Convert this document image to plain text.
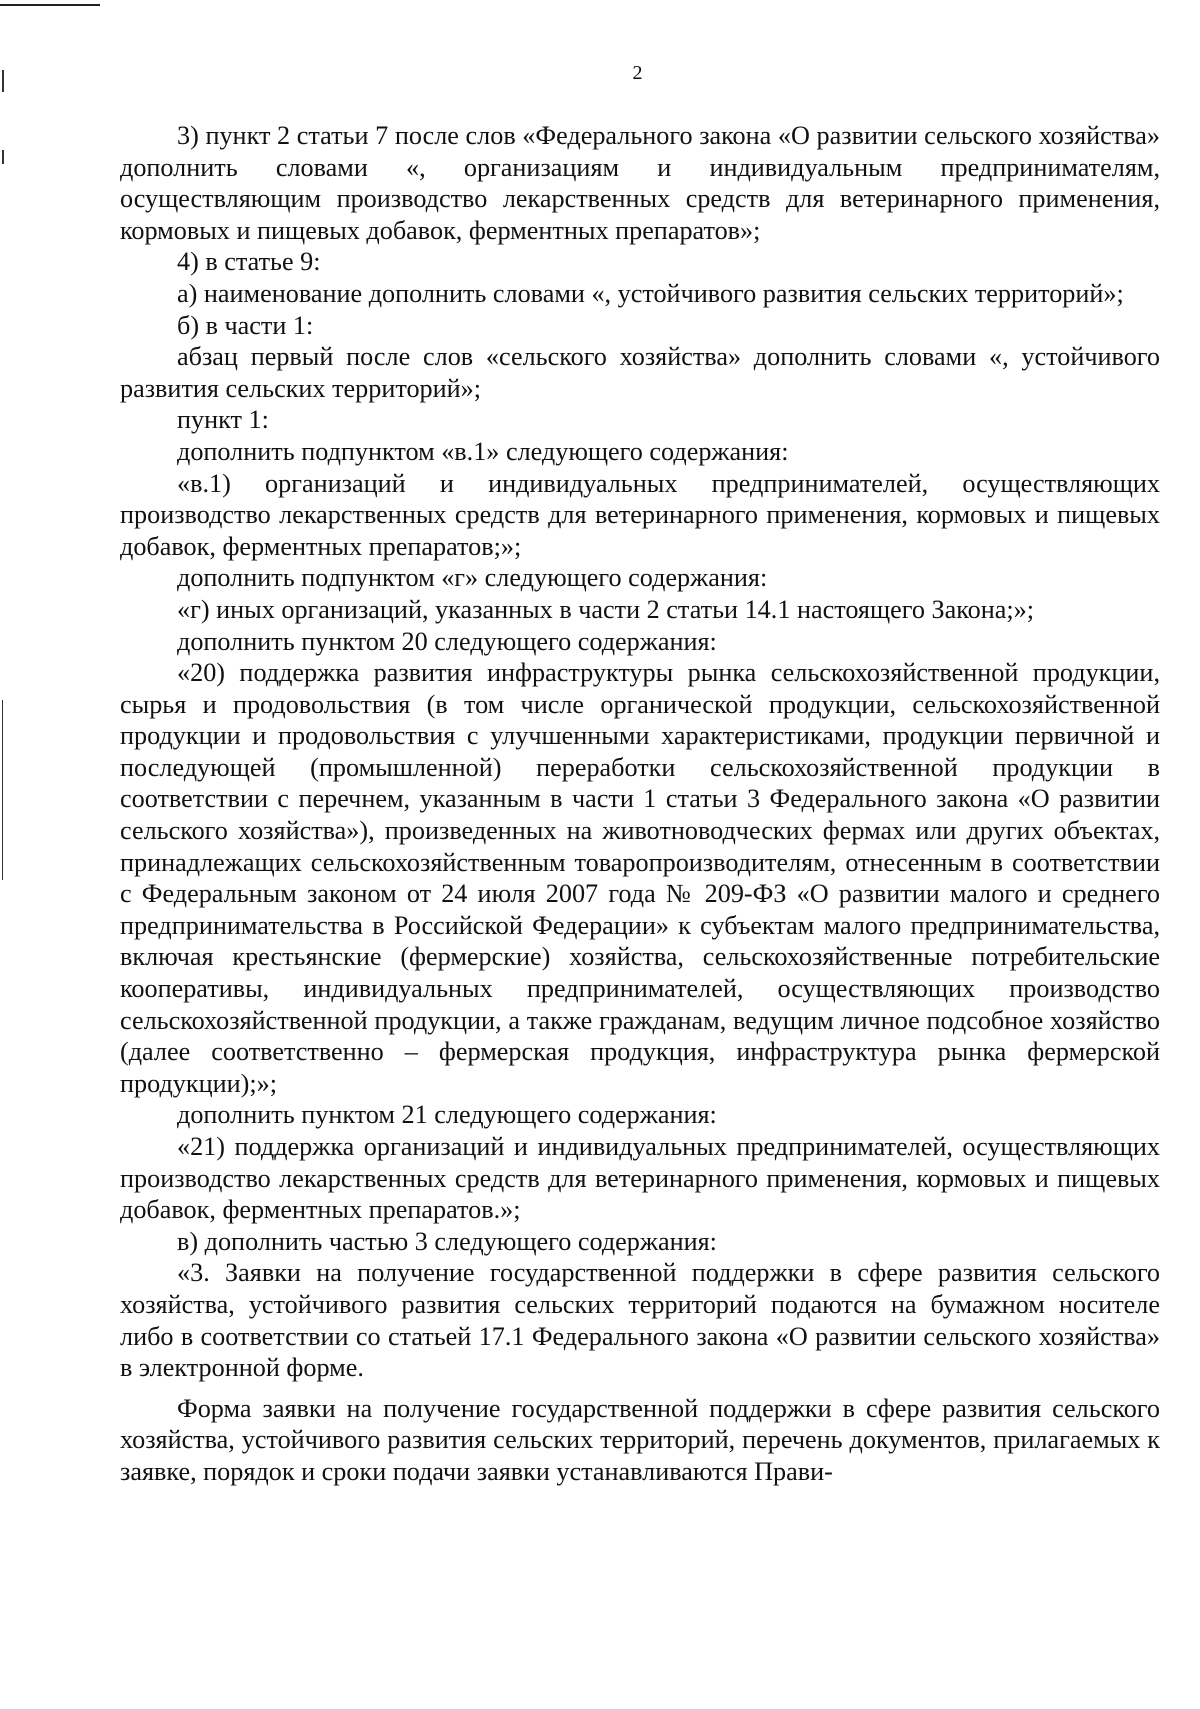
2

3) пункт 2 статьи 7 после слов «Федерального закона «О развитии сельского хозяйства» дополнить словами «, организациям и индивидуальным предпринимателям, осуществляющим производство лекарственных средств для ветеринарного применения, кормовых и пищевых добавок, ферментных препаратов»;

4) в статье 9:

а) наименование дополнить словами «, устойчивого развития сельских территорий»;

б) в части 1:

абзац первый после слов «сельского хозяйства» дополнить словами «, устойчивого развития сельских территорий»;

пункт 1:

дополнить подпунктом «в.1» следующего содержания:

«в.1) организаций и индивидуальных предпринимателей, осуществляющих производство лекарственных средств для ветеринарного применения, кормовых и пищевых добавок, ферментных препаратов;»;

дополнить подпунктом «г» следующего содержания:

«г) иных организаций, указанных в части 2 статьи 14.1 настоящего Закона;»;

дополнить пунктом 20 следующего содержания:

«20) поддержка развития инфраструктуры рынка сельскохозяйственной продукции, сырья и продовольствия (в том числе органической продукции, сельскохозяйственной продукции и продовольствия с улучшенными характеристиками, продукции первичной и последующей (промышленной) переработки сельскохозяйственной продукции в соответствии с перечнем, указанным в части 1 статьи 3 Федерального закона «О развитии сельского хозяйства»), произведенных на животноводческих фермах или других объектах, принадлежащих сельскохозяйственным товаропроизводителям, отнесенным в соответствии с Федеральным законом от 24 июля 2007 года № 209-ФЗ «О развитии малого и среднего предпринимательства в Российской Федерации» к субъектам малого предпринимательства, включая крестьянские (фермерские) хозяйства, сельскохозяйственные потребительские кооперативы, индивидуальных предпринимателей, осуществляющих производство сельскохозяйственной продукции, а также гражданам, ведущим личное подсобное хозяйство (далее соответственно – фермерская продукция, инфраструктура рынка фермерской продукции);»;

дополнить пунктом 21 следующего содержания:

«21) поддержка организаций и индивидуальных предпринимателей, осуществляющих производство лекарственных средств для ветеринарного применения, кормовых и пищевых добавок, ферментных препаратов.»;

в) дополнить частью 3 следующего содержания:

«3. Заявки на получение государственной поддержки в сфере развития сельского хозяйства, устойчивого развития сельских территорий подаются на бумажном носителе либо в соответствии со статьей 17.1 Федерального закона «О развитии сельского хозяйства» в электронной форме.

Форма заявки на получение государственной поддержки в сфере развития сельского хозяйства, устойчивого развития сельских территорий, перечень документов, прилагаемых к заявке, порядок и сроки подачи заявки устанавливаются Прави-
